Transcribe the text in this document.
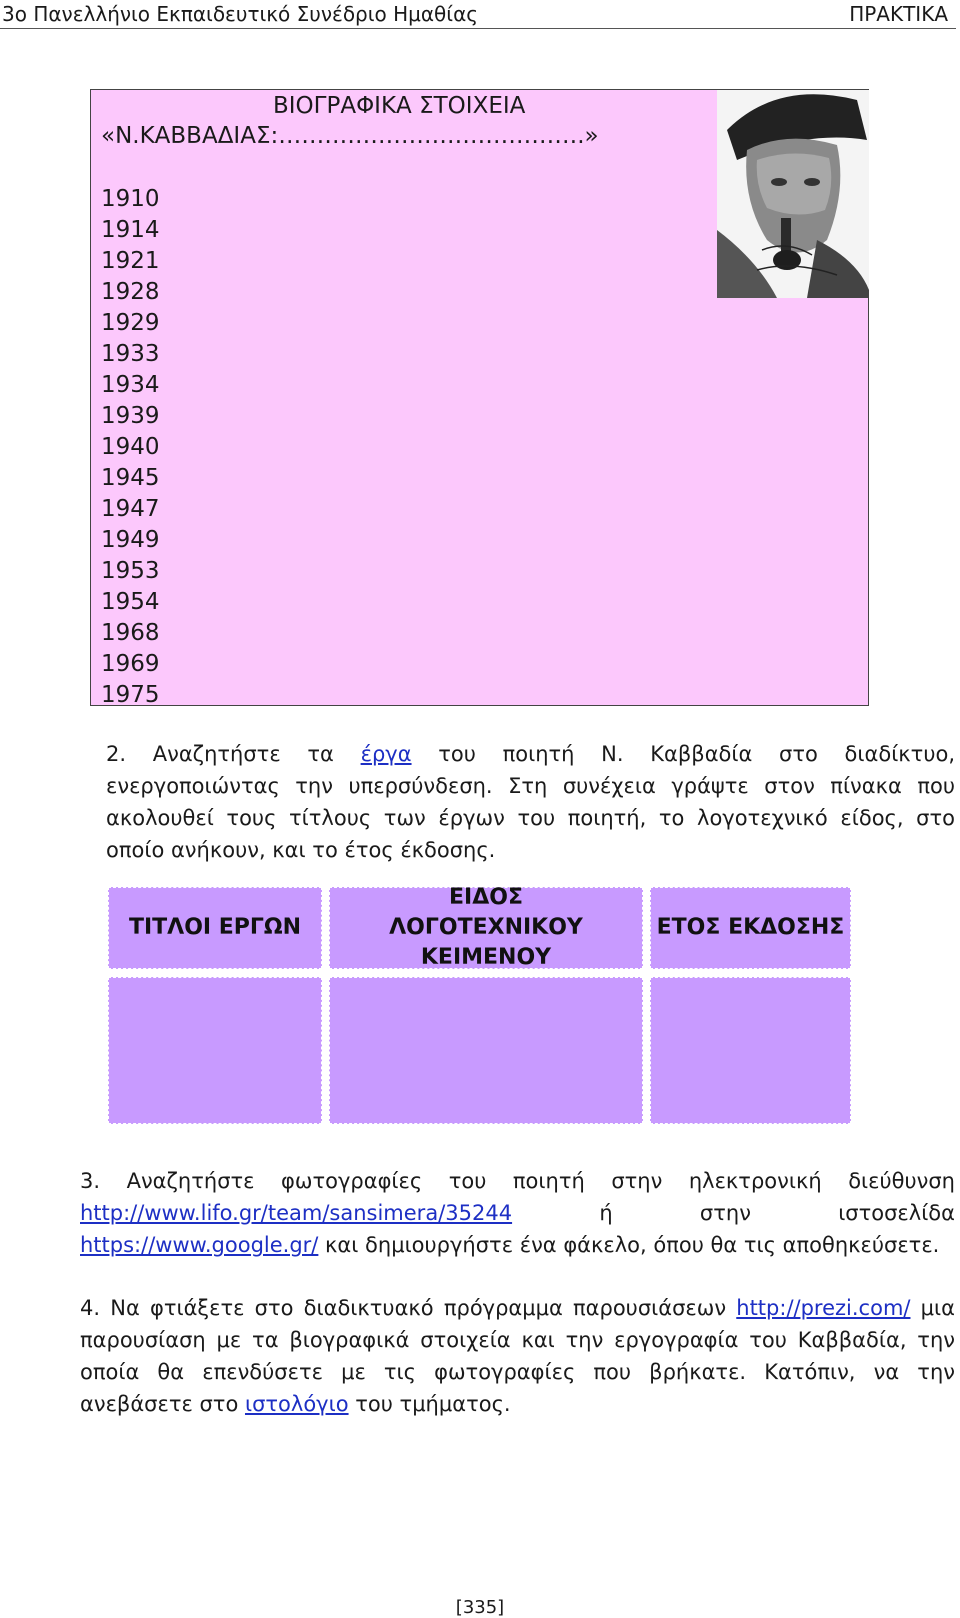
3ο Πανελλήνιο Εκπαιδευτικό Συνέδριο Ημαθίας	ΠΡΑΚΤΙΚΑ
ΒΙΟΓΡΑΦΙΚΑ ΣΤΟΙΧΕΙΑ
«Ν.ΚΑΒΒΑΔΙΑΣ:………………………………….»
1910
1914
1921
1928
1929
1933
1934
1939
1940
1945
1947
1949
1953
1954
1968
1969
1975
2. Αναζητήστε τα έργα του ποιητή Ν. Καββαδία στο διαδίκτυο, ενεργοποιώντας την υπερσύνδεση. Στη συνέχεια γράψτε στον πίνακα που ακολουθεί τους τίτλους των έργων του ποιητή, το λογοτεχνικό είδος, στο οποίο ανήκουν, και το έτος έκδοσης.
ΤΙΤΛΟΙ ΕΡΓΩΝ
ΕΙΔΟΣ ΛΟΓΟΤΕΧΝΙΚΟΥ ΚΕΙΜΕΝΟΥ
ΕΤΟΣ ΕΚΔΟΣΗΣ
3. Αναζητήστε φωτογραφίες του ποιητή στην ηλεκτρονική διεύθυνση http://www.lifo.gr/team/sansimera/35244 ή στην ιστοσελίδα https://www.google.gr/ και δημιουργήστε ένα φάκελο, όπου θα τις αποθηκεύσετε.
4. Να φτιάξετε στο διαδικτυακό πρόγραμμα παρουσιάσεων http://prezi.com/ μια παρουσίαση με τα βιογραφικά στοιχεία και την εργογραφία του Καββαδία, την οποία θα επενδύσετε με τις φωτογραφίες που βρήκατε. Κατόπιν, να την ανεβάσετε στο ιστολόγιο του τμήματος.
[335]
